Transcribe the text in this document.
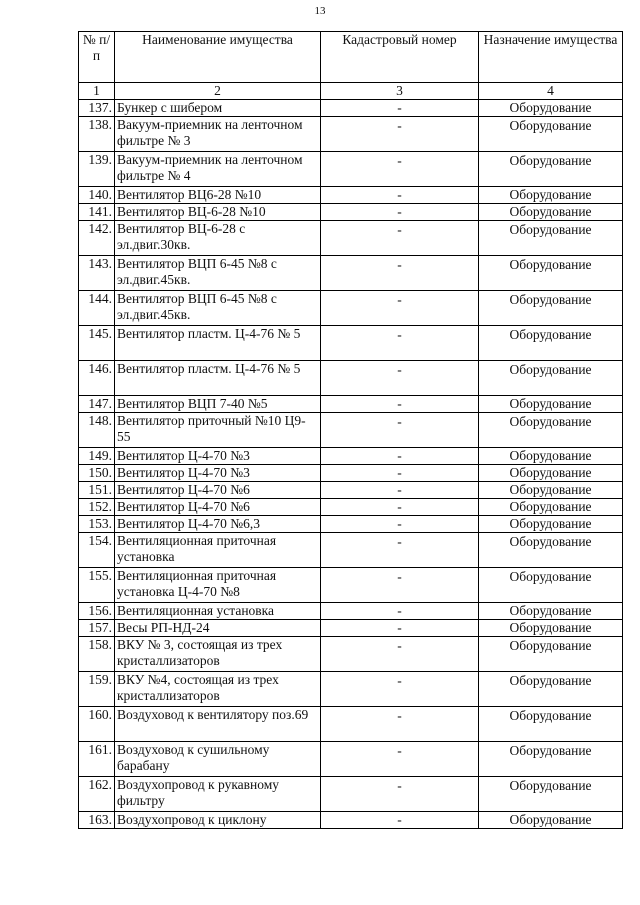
13
№ п/п	Наименование имущества	Кадастровый номер	Назначение имущества
1	2	3	4
137.	Бункер с шибером	-	Оборудование
138.	Вакуум-приемник на ленточном фильтре № 3	-	Оборудование
139.	Вакуум-приемник на ленточном фильтре № 4	-	Оборудование
140.	Вентилятор ВЦ6-28 №10	-	Оборудование
141.	Вентилятор ВЦ-6-28 №10	-	Оборудование
142.	Вентилятор ВЦ-6-28 с эл.двиг.30кв.	-	Оборудование
143.	Вентилятор ВЦП 6-45 №8 с эл.двиг.45кв.	-	Оборудование
144.	Вентилятор ВЦП 6-45 №8 с эл.двиг.45кв.	-	Оборудование
145.	Вентилятор пластм. Ц-4-76 № 5	-	Оборудование
146.	Вентилятор пластм. Ц-4-76 № 5	-	Оборудование
147.	Вентилятор ВЦП 7-40 №5	-	Оборудование
148.	Вентилятор приточный №10 Ц9-55	-	Оборудование
149.	Вентилятор Ц-4-70 №3	-	Оборудование
150.	Вентилятор Ц-4-70 №3	-	Оборудование
151.	Вентилятор Ц-4-70 №6	-	Оборудование
152.	Вентилятор Ц-4-70 №6	-	Оборудование
153.	Вентилятор Ц-4-70 №6,3	-	Оборудование
154.	Вентиляционная приточная установка	-	Оборудование
155.	Вентиляционная приточная установка Ц-4-70 №8	-	Оборудование
156.	Вентиляционная установка	-	Оборудование
157.	Весы РП-НД-24	-	Оборудование
158.	ВКУ № 3, состоящая из трех кристаллизаторов	-	Оборудование
159.	ВКУ №4, состоящая из трех кристаллизаторов	-	Оборудование
160.	Воздуховод к вентилятору поз.69	-	Оборудование
161.	Воздуховод к сушильному барабану	-	Оборудование
162.	Воздухопровод к рукавному фильтру	-	Оборудование
163.	Воздухопровод к циклону	-	Оборудование
